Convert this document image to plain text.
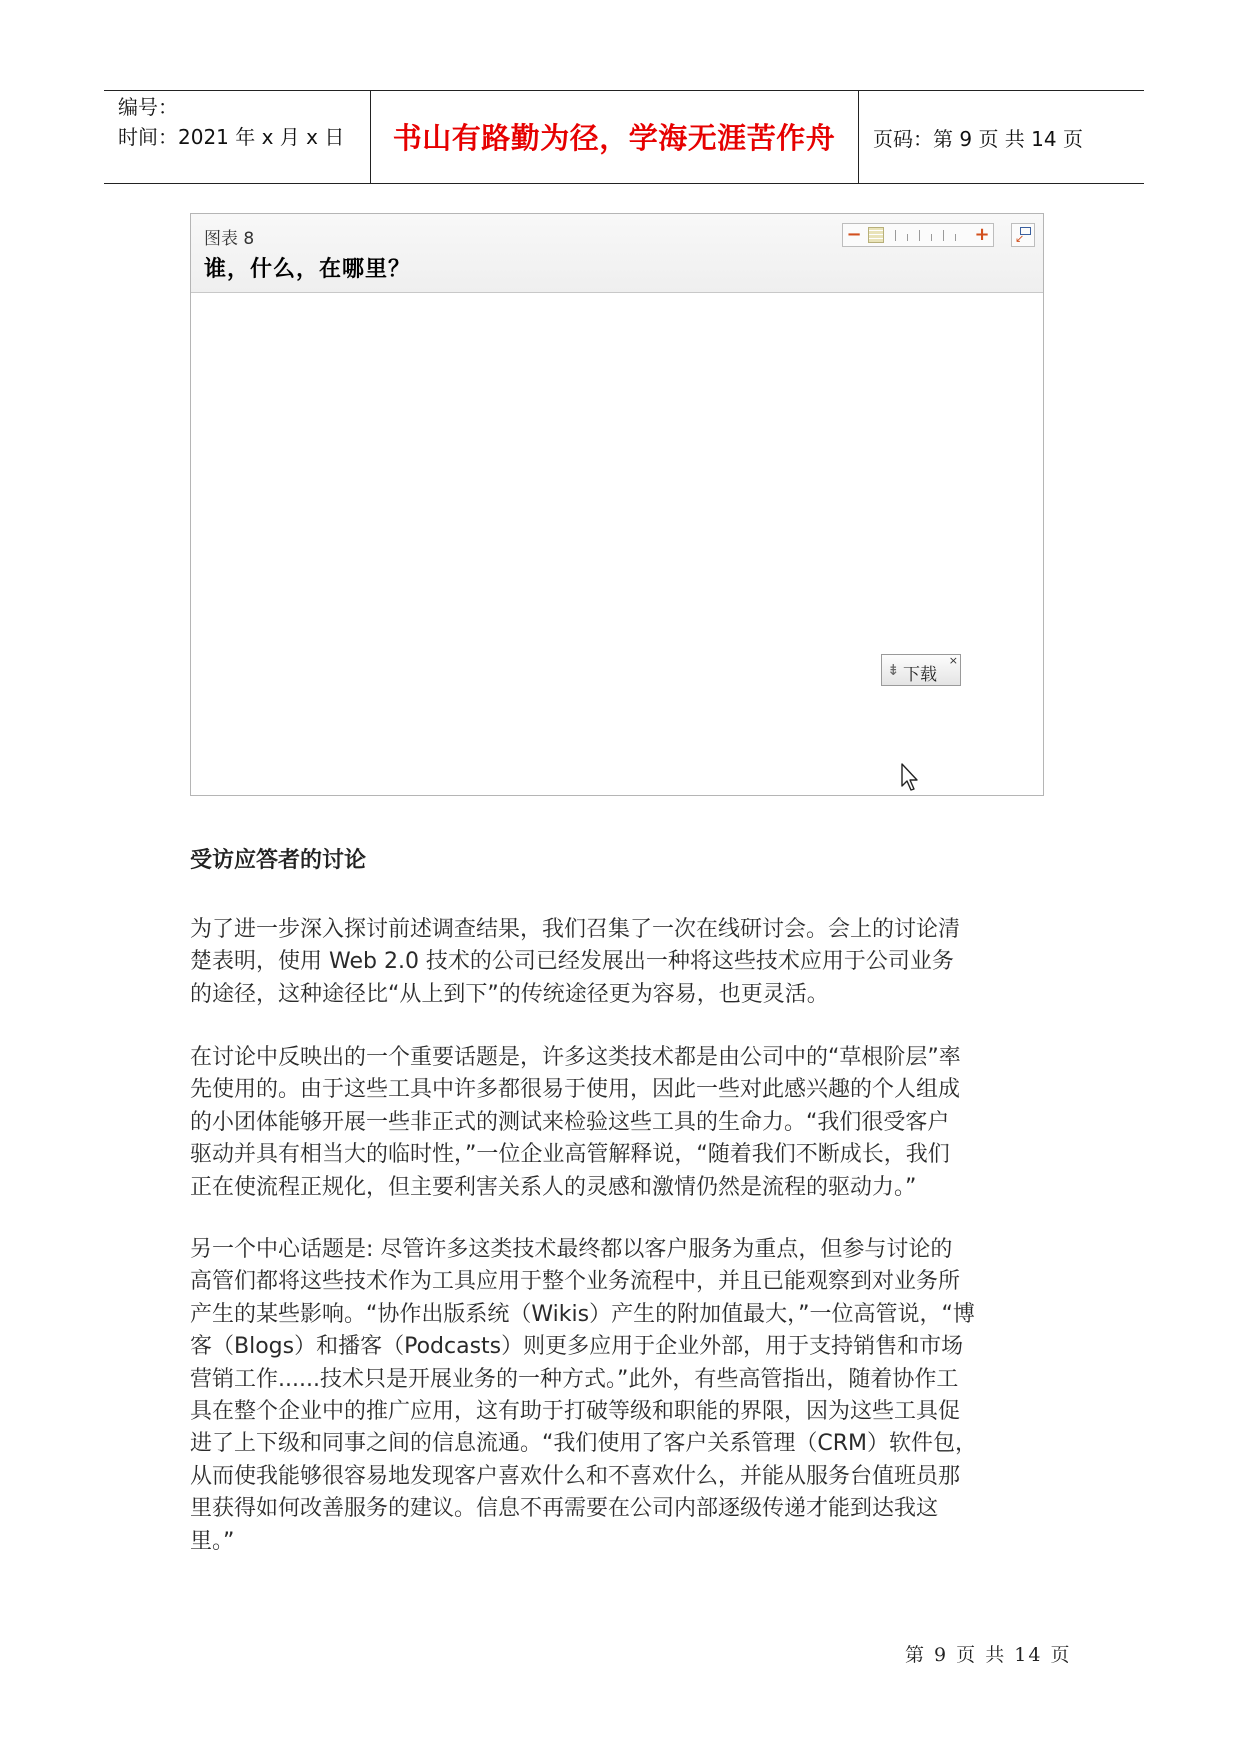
编号：
时间：2021 年 x 月 x 日	书山有路勤为径，学海无涯苦作舟	页码：第 9 页 共 14 页
图表 8
谁，什么，在哪里？
−	+ ↙
⇟ 下载
×
受访应答者的讨论

为了进一步深入探讨前述调查结果，我们召集了一次在线研讨会。会上的讨论清
楚表明，使用 Web 2.0 技术的公司已经发展出一种将这些技术应用于公司业务
的途径，这种途径比“从上到下”的传统途径更为容易，也更灵活。

在讨论中反映出的一个重要话题是，许多这类技术都是由公司中的“草根阶层”率
先使用的。由于这些工具中许多都很易于使用，因此一些对此感兴趣的个人组成
的小团体能够开展一些非正式的测试来检验这些工具的生命力。“我们很受客户
驱动并具有相当大的临时性，”一位企业高管解释说，“随着我们不断成长，我们
正在使流程正规化，但主要利害关系人的灵感和激情仍然是流程的驱动力。”

另一个中心话题是: 尽管许多这类技术最终都以客户服务为重点，但参与讨论的
高管们都将这些技术作为工具应用于整个业务流程中，并且已能观察到对业务所
产生的某些影响。“协作出版系统（Wikis）产生的附加值最大，”一位高管说，“博
客（Blogs）和播客（Podcasts）则更多应用于企业外部，用于支持销售和市场
营销工作......技术只是开展业务的一种方式。”此外，有些高管指出，随着协作工
具在整个企业中的推广应用，这有助于打破等级和职能的界限，因为这些工具促
进了上下级和同事之间的信息流通。“我们使用了客户关系管理（CRM）软件包，
从而使我能够很容易地发现客户喜欢什么和不喜欢什么，并能从服务台值班员那
里获得如何改善服务的建议。信息不再需要在公司内部逐级传递才能到达我这
里。”

第 9 页 共 14 页
